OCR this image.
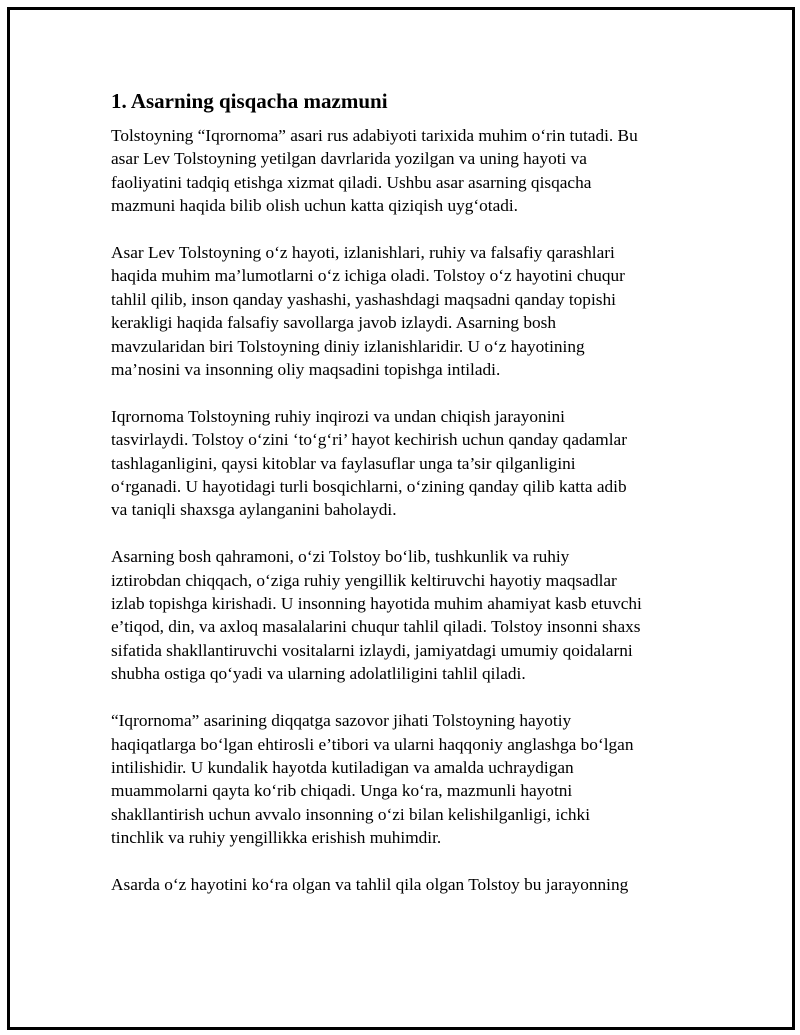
1. Asarning qisqacha mazmuni
Tolstoyning “Iqrornoma” asari rus adabiyoti tarixida muhim o‘rin tutadi. Bu
asar Lev Tolstoyning yetilgan davrlarida yozilgan va uning hayoti va
faoliyatini tadqiq etishga xizmat qiladi. Ushbu asar asarning qisqacha
mazmuni haqida bilib olish uchun katta qiziqish uyg‘otadi.
Asar Lev Tolstoyning o‘z hayoti, izlanishlari, ruhiy va falsafiy qarashlari
haqida muhim ma’lumotlarni o‘z ichiga oladi. Tolstoy o‘z hayotini chuqur
tahlil qilib, inson qanday yashashi, yashashdagi maqsadni qanday topishi
kerakligi haqida falsafiy savollarga javob izlaydi. Asarning bosh
mavzularidan biri Tolstoyning diniy izlanishlaridir. U o‘z hayotining
ma’nosini va insonning oliy maqsadini topishga intiladi.
Iqrornoma Tolstoyning ruhiy inqirozi va undan chiqish jarayonini
tasvirlaydi. Tolstoy o‘zini ‘to‘g‘ri’ hayot kechirish uchun qanday qadamlar
tashlaganligini, qaysi kitoblar va faylasuflar unga ta’sir qilganligini
o‘rganadi. U hayotidagi turli bosqichlarni, o‘zining qanday qilib katta adib
va taniqli shaxsga aylanganini baholaydi.
Asarning bosh qahramoni, o‘zi Tolstoy bo‘lib, tushkunlik va ruhiy
iztirobdan chiqqach, o‘ziga ruhiy yengillik keltiruvchi hayotiy maqsadlar
izlab topishga kirishadi. U insonning hayotida muhim ahamiyat kasb etuvchi
e’tiqod, din, va axloq masalalarini chuqur tahlil qiladi. Tolstoy insonni shaxs
sifatida shakllantiruvchi vositalarni izlaydi, jamiyatdagi umumiy qoidalarni
shubha ostiga qo‘yadi va ularning adolatliligini tahlil qiladi.
“Iqrornoma” asarining diqqatga sazovor jihati Tolstoyning hayotiy
haqiqatlarga bo‘lgan ehtirosli e’tibori va ularni haqqoniy anglashga bo‘lgan
intilishidir. U kundalik hayotda kutiladigan va amalda uchraydigan
muammolarni qayta ko‘rib chiqadi. Unga ko‘ra, mazmunli hayotni
shakllantirish uchun avvalo insonning o‘zi bilan kelishilganligi, ichki
tinchlik va ruhiy yengillikka erishish muhimdir.
Asarda o‘z hayotini ko‘ra olgan va tahlil qila olgan Tolstoy bu jarayonning
